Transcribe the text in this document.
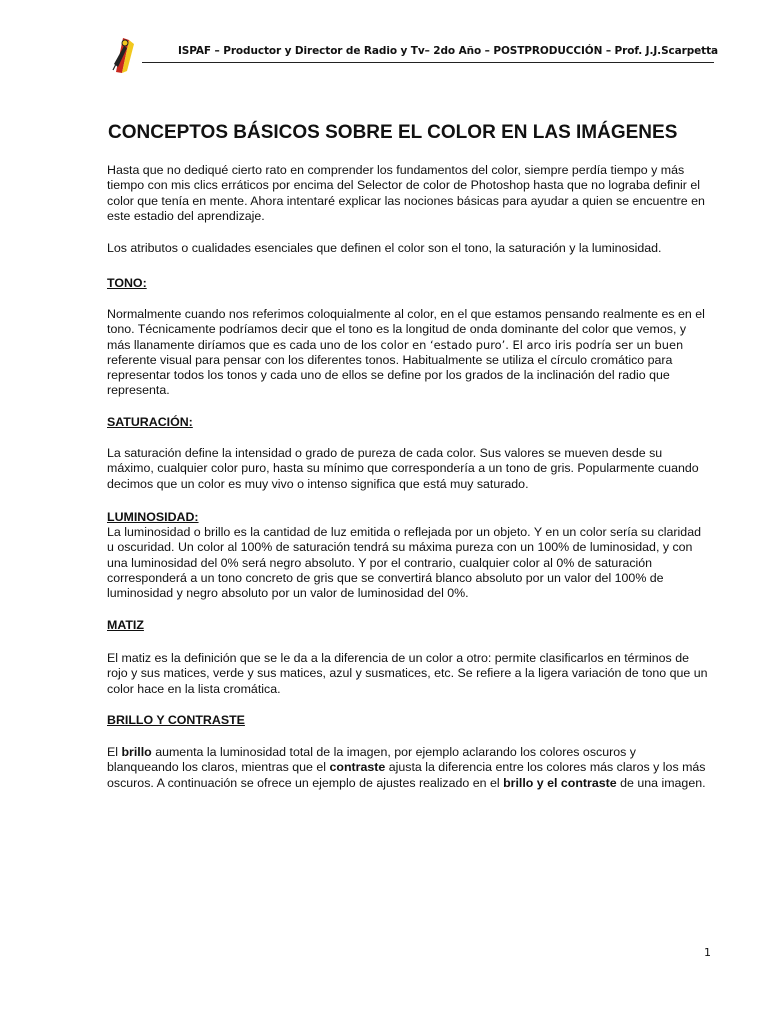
ISPAF – Productor y Director de Radio y Tv– 2do Año – POSTPRODUCCIÓN – Prof. J.J.Scarpetta
CONCEPTOS BÁSICOS SOBRE EL COLOR EN LAS IMÁGENES

Hasta que no dediqué cierto rato en comprender los fundamentos del color, siempre perdía tiempo y más tiempo con mis clics erráticos por encima del Selector de color de Photoshop hasta que no lograba definir el color que tenía en mente. Ahora intentaré explicar las nociones básicas para ayudar a quien se encuentre en este estadio del aprendizaje.

Los atributos o cualidades esenciales que definen el color son el tono, la saturación y la luminosidad.

TONO:

Normalmente cuando nos referimos coloquialmente al color, en el que estamos pensando realmente es en el tono. Técnicamente podríamos decir que el tono es la longitud de onda dominante del color que vemos, y más llanamente diríamos que es cada uno de los color en ‘estado puro’. El arco iris podría ser un buen referente visual para pensar con los diferentes tonos. Habitualmente se utiliza el círculo cromático para representar todos los tonos y cada uno de ellos se define por los grados de la inclinación del radio que representa.

SATURACIÓN:

La saturación define la intensidad o grado de pureza de cada color. Sus valores se mueven desde su máximo, cualquier color puro, hasta su mínimo que correspondería a un tono de gris. Popularmente cuando decimos que un color es muy vivo o intenso significa que está muy saturado.

LUMINOSIDAD:

La luminosidad o brillo es la cantidad de luz emitida o reflejada por un objeto. Y en un color sería su claridad u oscuridad. Un color al 100% de saturación tendrá su máxima pureza con un 100% de luminosidad, y con una luminosidad del 0% será negro absoluto. Y por el contrario, cualquier color al 0% de saturación corresponderá a un tono concreto de gris que se convertirá blanco absoluto por un valor del 100% de luminosidad y negro absoluto por un valor de luminosidad del 0%.

MATIZ

El matiz es la definición que se le da a la diferencia de un color a otro: permite clasificarlos en términos de rojo y sus matices, verde y sus matices, azul y susmatices, etc. Se refiere a la ligera variación de tono que un color hace en la lista cromática.

BRILLO Y CONTRASTE

El brillo aumenta la luminosidad total de la imagen, por ejemplo aclarando los colores oscuros y blanqueando los claros, mientras que el contraste ajusta la diferencia entre los colores más claros y los más oscuros. A continuación se ofrece un ejemplo de ajustes realizado en el brillo y el contraste de una imagen.

1
